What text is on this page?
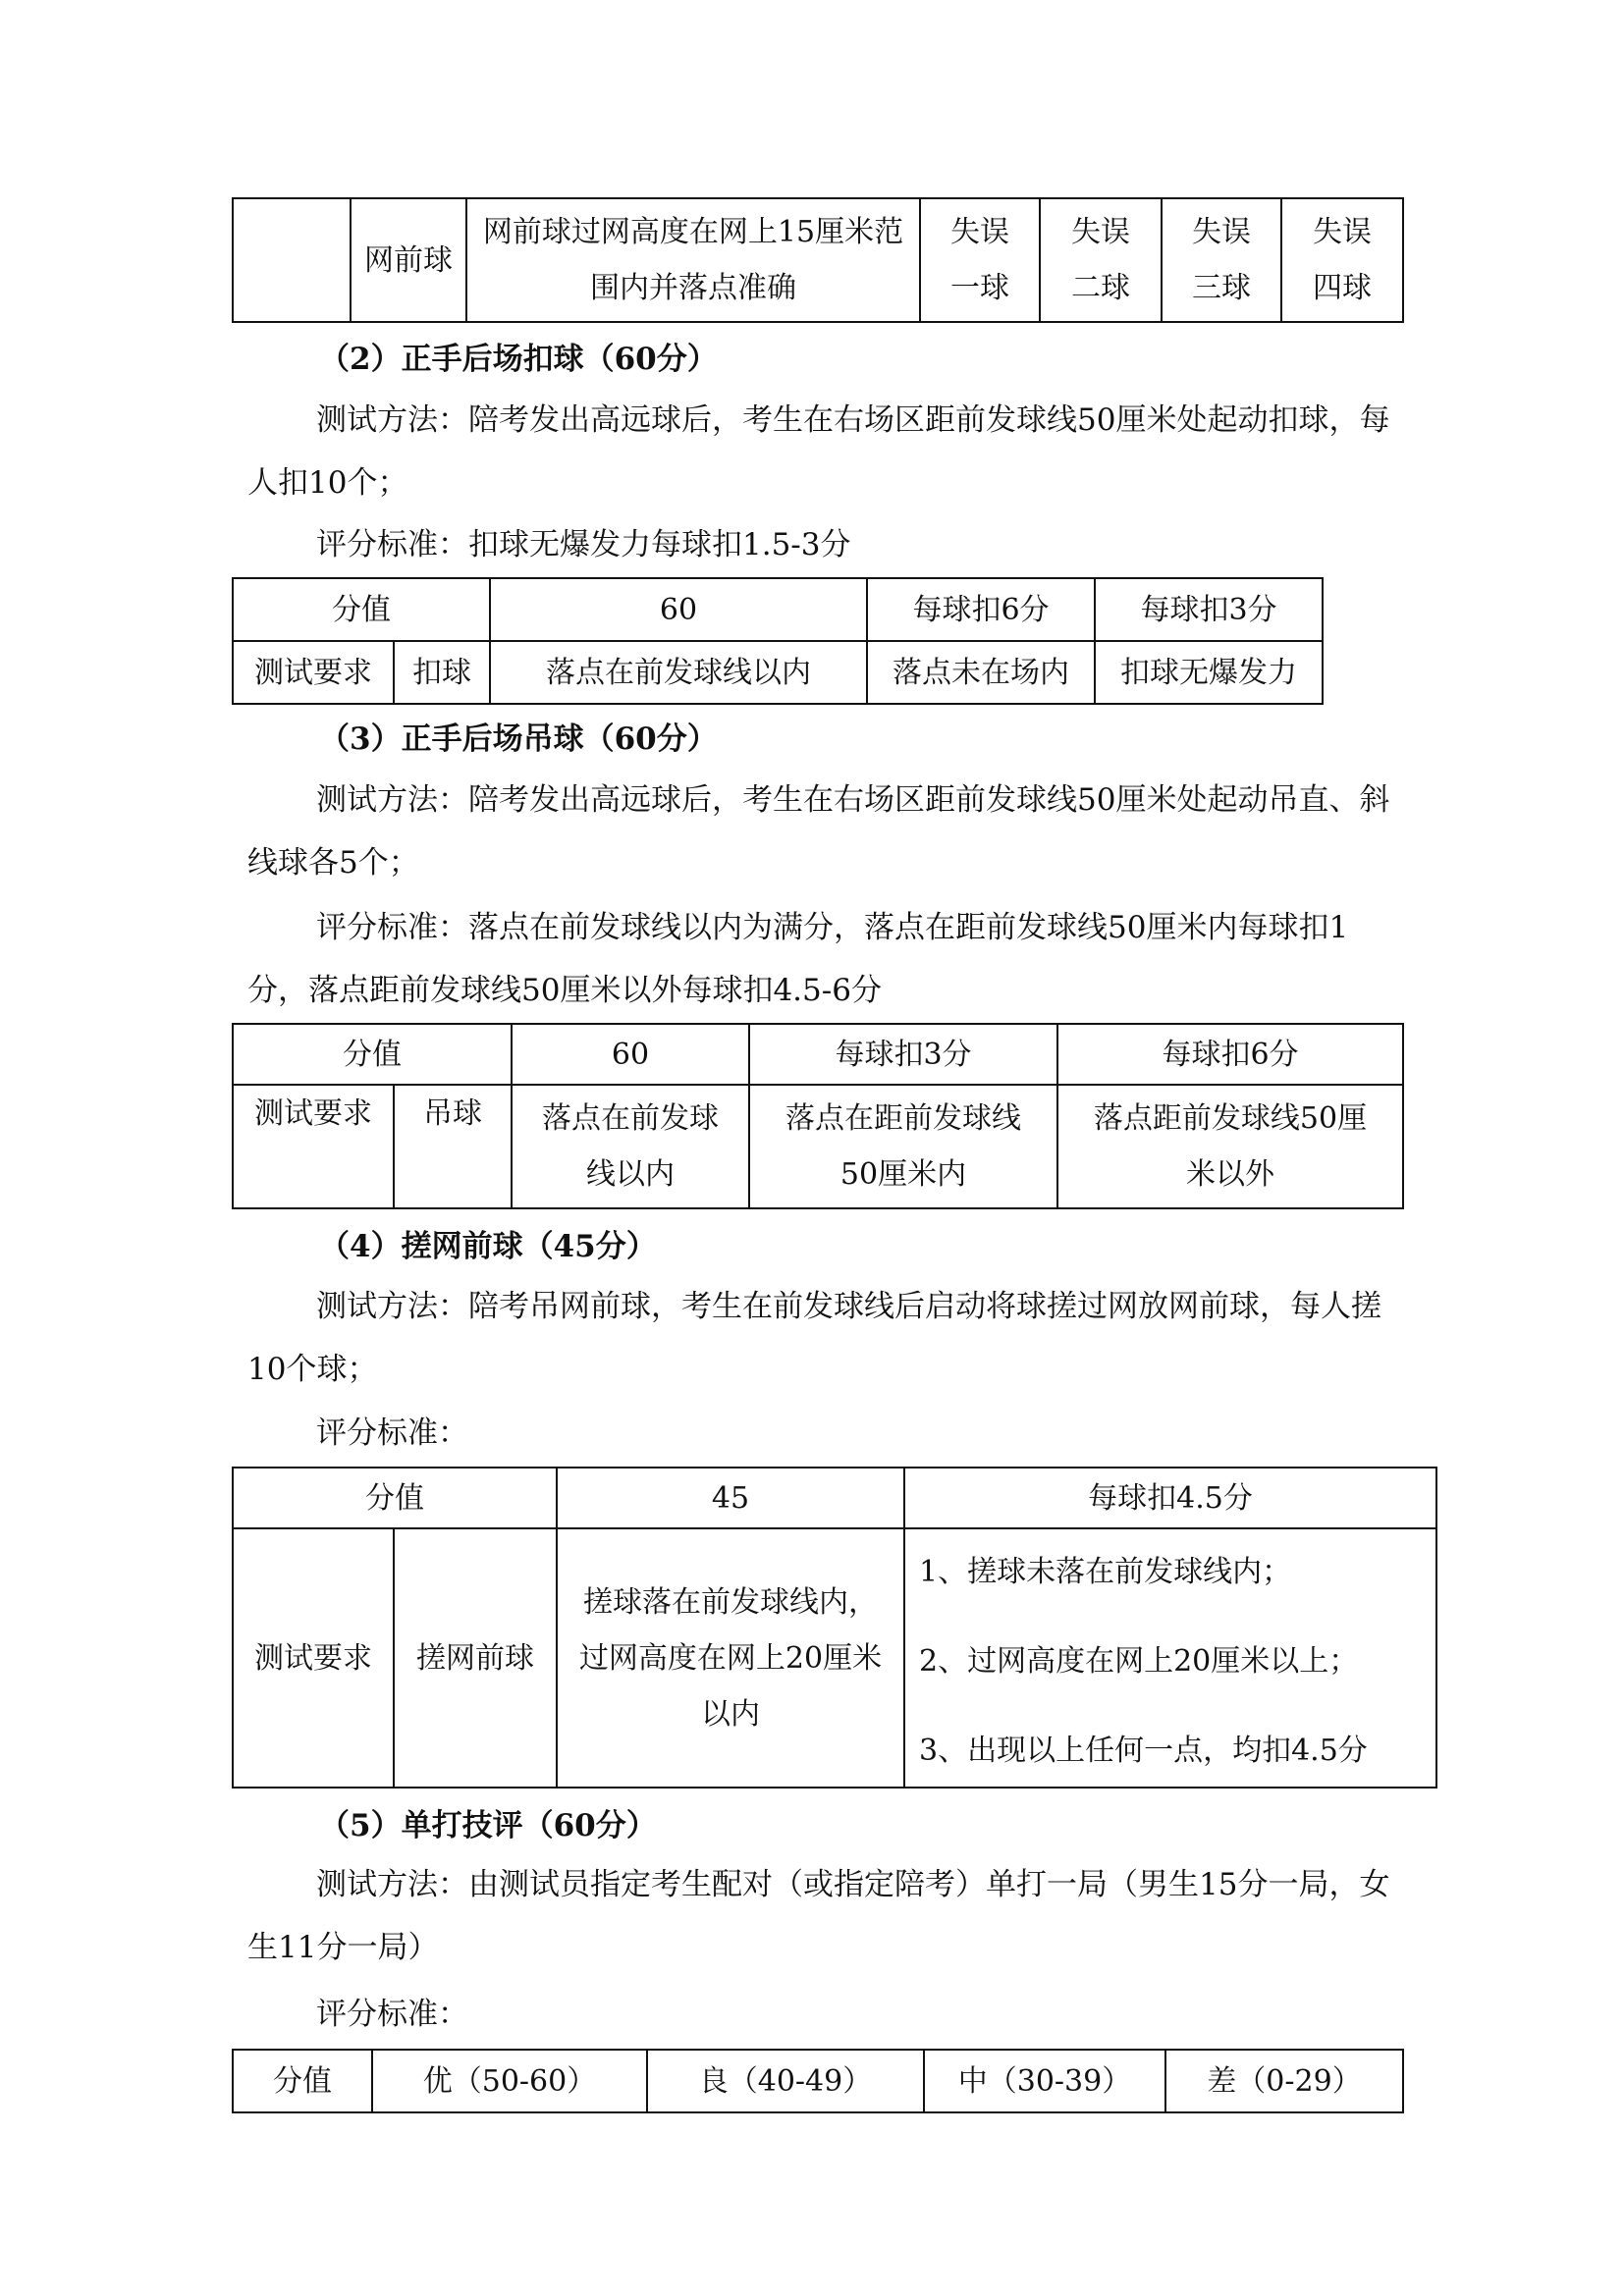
	网前球	网前球过网高度在网上15厘米范围内并落点准确	失误一球	失误二球	失误三球	失误四球
（2）正手后场扣球（60分）
测试方法：陪考发出高远球后，考生在右场区距前发球线50厘米处起动扣球，每人扣10个；
评分标准：扣球无爆发力每球扣1.5-3分
分值		60	每球扣6分	每球扣3分
测试要求	扣球	落点在前发球线以内	落点未在场内	扣球无爆发力
（3）正手后场吊球（60分）
测试方法：陪考发出高远球后，考生在右场区距前发球线50厘米处起动吊直、斜线球各5个；
评分标准：落点在前发球线以内为满分，落点在距前发球线50厘米内每球扣1分，落点距前发球线50厘米以外每球扣4.5-6分
分值		60	每球扣3分	每球扣6分
测试要求	吊球	落点在前发球线以内	落点在距前发球线50厘米内	落点距前发球线50厘米以外
（4）搓网前球（45分）
测试方法：陪考吊网前球，考生在前发球线后启动将球搓过网放网前球，每人搓10个球；
评分标准：
分值		45	每球扣4.5分
测试要求	搓网前球	搓球落在前发球线内，过网高度在网上20厘米以内	1、搓球未落在前发球线内；
2、过网高度在网上20厘米以上；
3、出现以上任何一点，均扣4.5分
（5）单打技评（60分）
测试方法：由测试员指定考生配对（或指定陪考）单打一局（男生15分一局，女生11分一局）
评分标准：
分值	优（50-60）	良（40-49）	中（30-39）	差（0-29）
